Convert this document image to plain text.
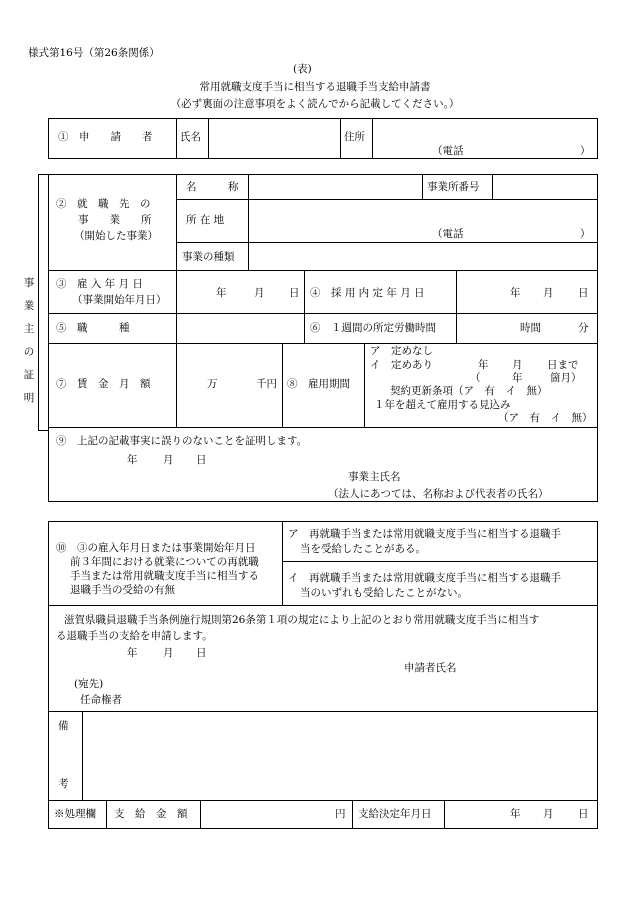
様式第16号（第26条関係）
(表)
常用就職支度手当に相当する退職手当支給申請書
（必ず裏面の注意事項をよく読んでから記載してください。）
①　申　　請　　者	氏名	住所
（電話	）
事
業
主
の
証
明
②　就　職　先　の
事　　業　　所
（開始した事業）
名　　　称	事業所番号
所 在 地
（電話	）
事業の種類
③　雇 入 年 月 日
（事業開始年月日）
年	月 日 ④　採 用 内 定 年 月 日	年 月 日
⑤　職　　　種	⑥　１週間の所定労働時間	時間	分
⑦　賃　金　月　額	万	千円 ⑧　雇用期間
ア　定めなし
イ　定めあり	年 月 日まで
（	年	箇月）
契約更新条項（ア　有　イ　無）
１年を超えて雇用する見込み
（ア　有　イ　無）
⑨　上記の記載事実に誤りのないことを証明します。
年 月 日
事業主氏名
（法人にあつては、名称および代表者の氏名）
⑩　③の雇入年月日または事業開始年月日
前３年間における就業についての再就職
手当または常用就職支度手当に相当する
退職手当の受給の有無
ア　再就職手当または常用就職支度手当に相当する退職手
当を受給したことがある。
イ　再就職手当または常用就職支度手当に相当する退職手
当のいずれも受給したことがない。
滋賀県職員退職手当条例施行規則第26条第１項の規定により上記のとおり常用就職支度手当に相当す
る退職手当の支給を申請します。
年 月 日
申請者氏名
(宛先)
任命権者
備
考
※処理欄 支　給　金　額	円 支給決定年月日	年 月 日
